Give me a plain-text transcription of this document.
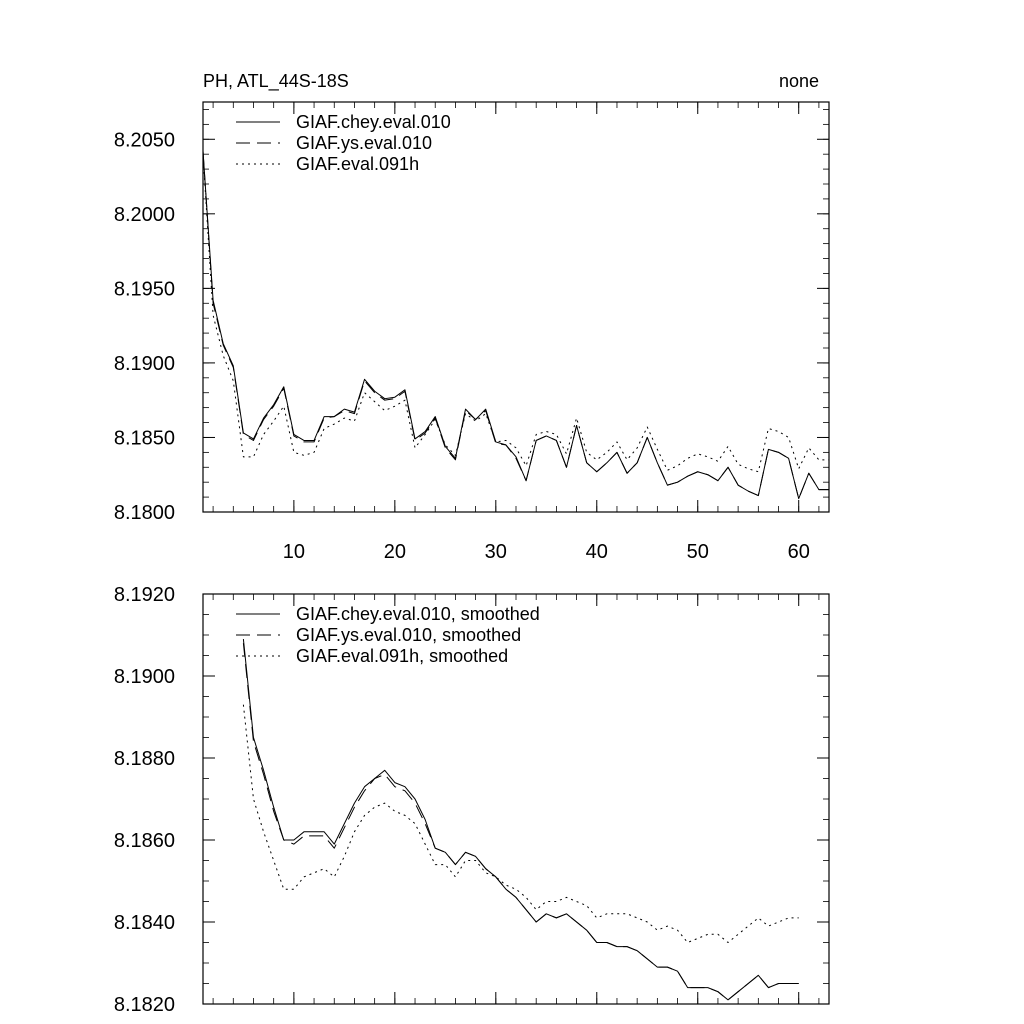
PH, ATL_44S-18S	none
8.1800
8.1850
8.1900
8.1950
8.2000
8.2050
10	20	30	40	50	60
GIAF.chey.eval.010
GIAF.ys.eval.010
GIAF.eval.091h
8.1820
8.1840
8.1860
8.1880
8.1900
8.1920
GIAF.chey.eval.010, smoothed
GIAF.ys.eval.010, smoothed
GIAF.eval.091h, smoothed
